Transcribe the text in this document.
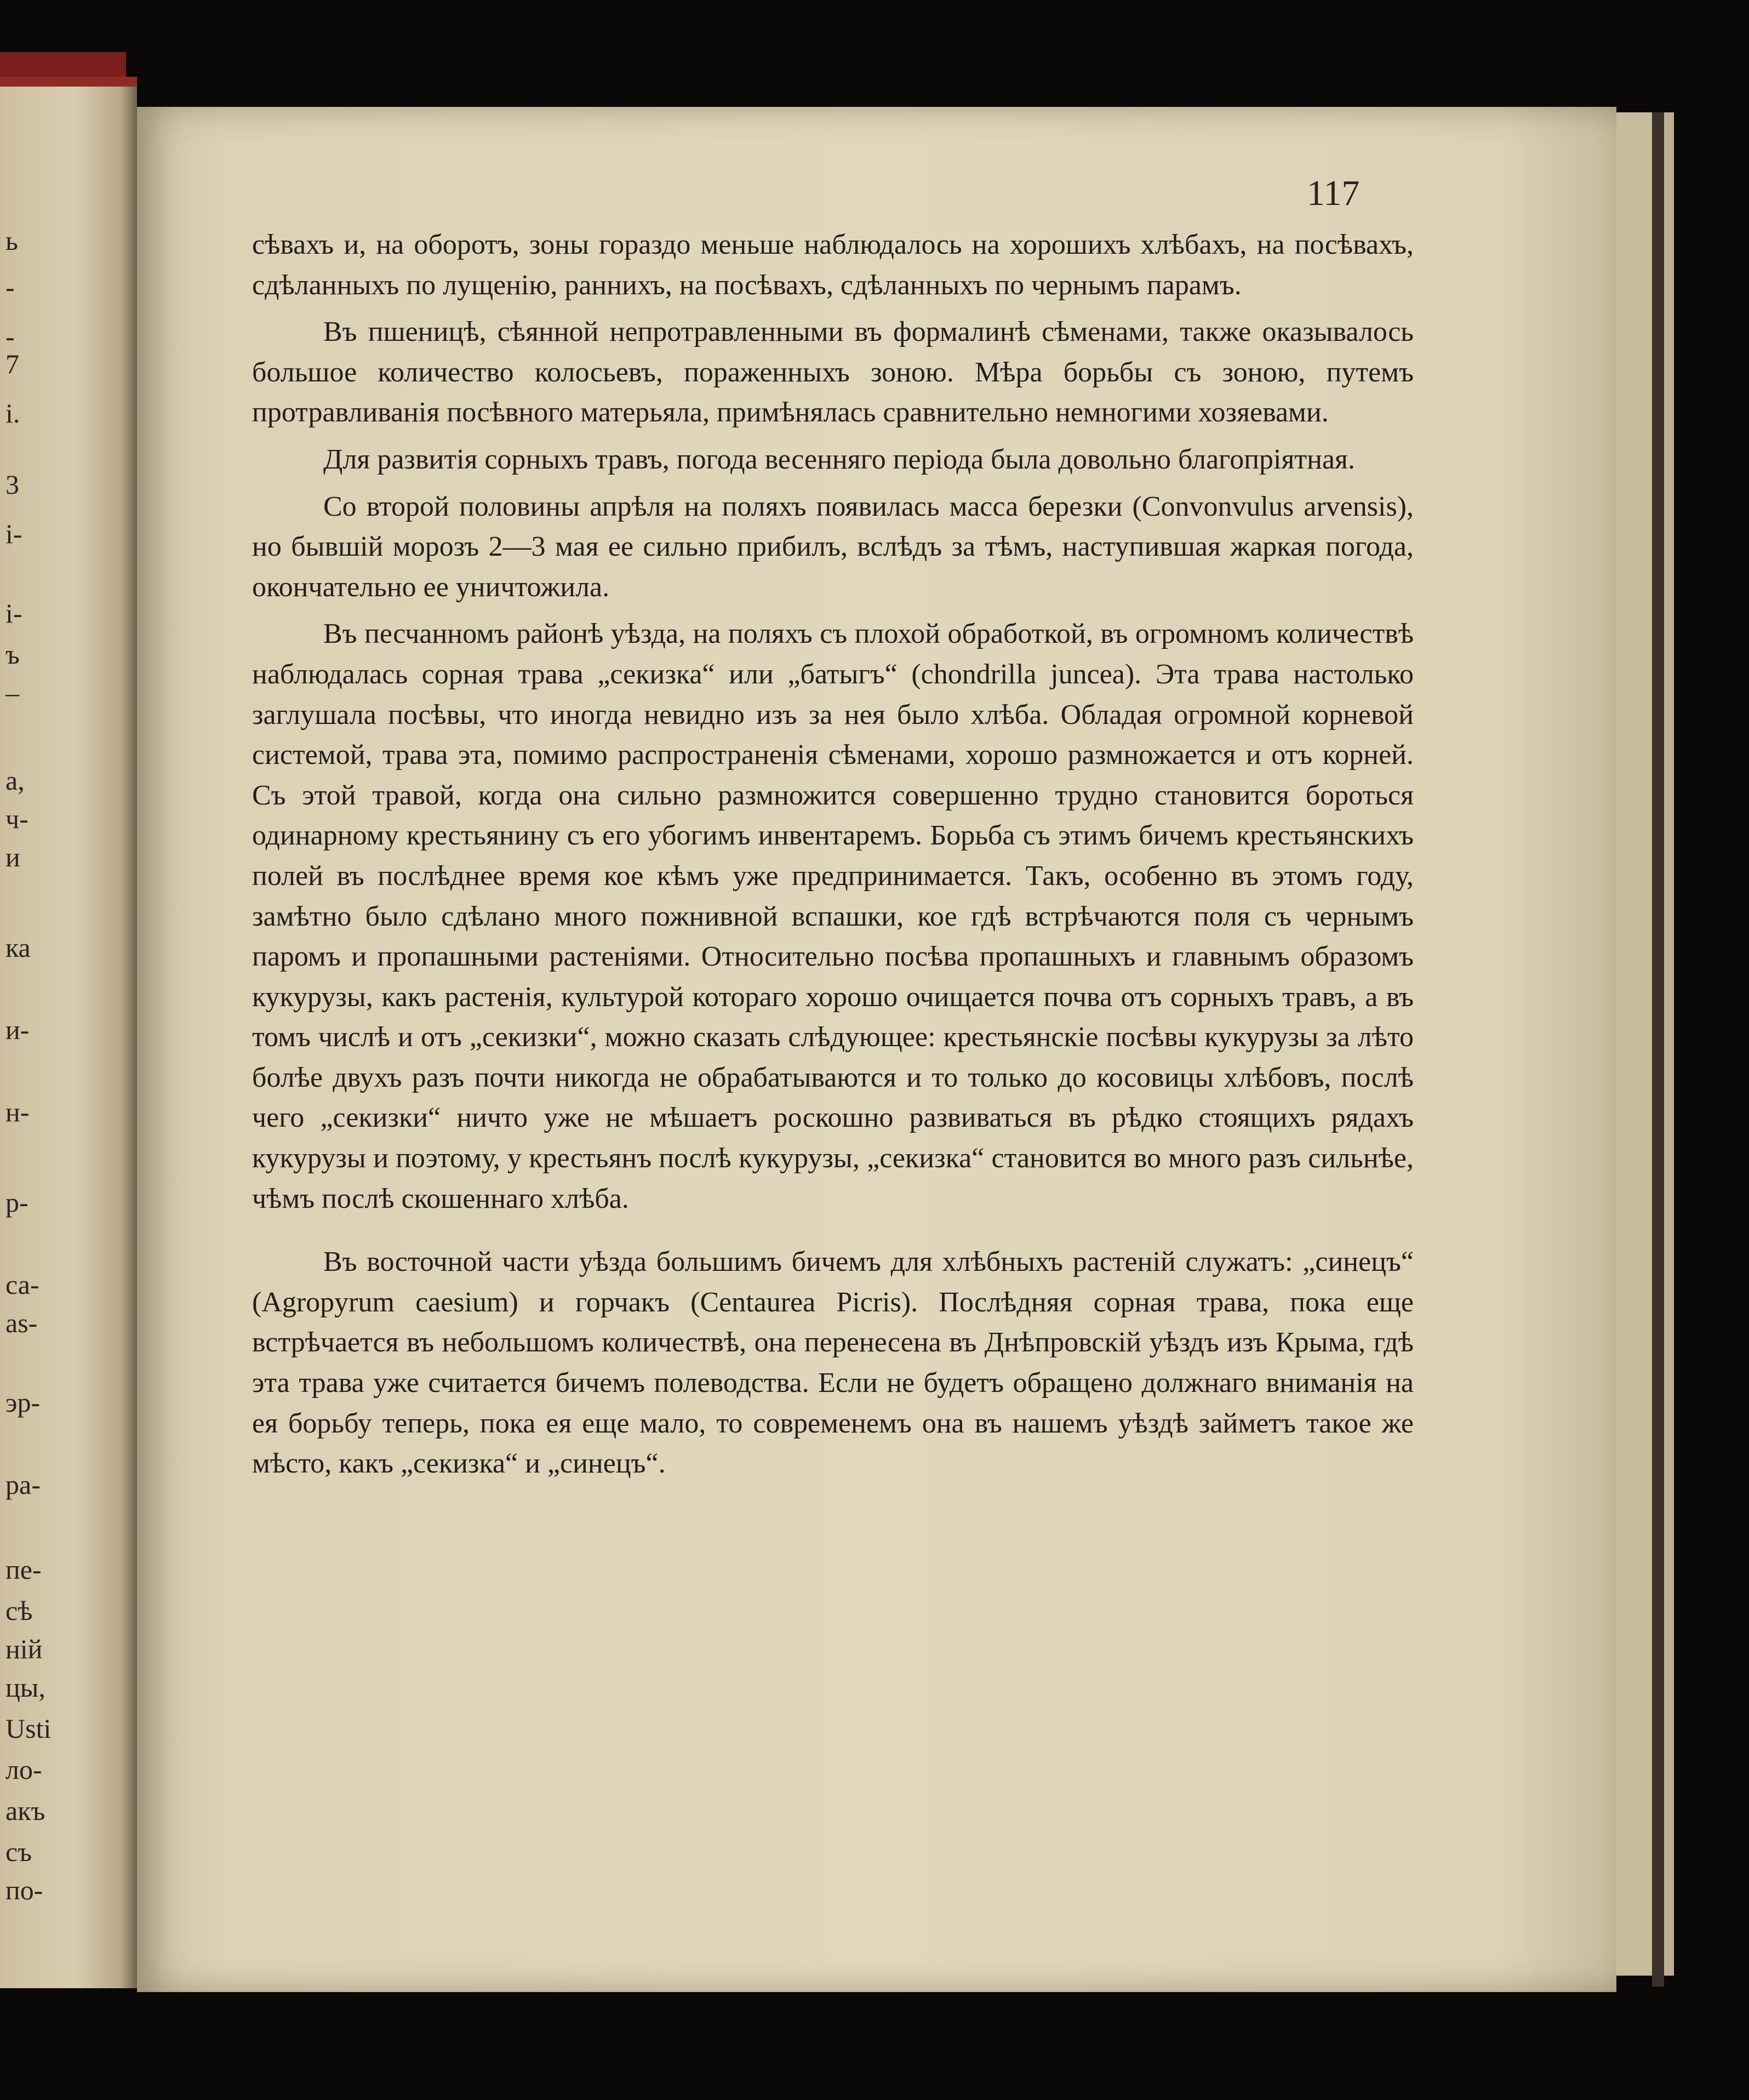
ь
-
-
7
і.
3
і-
і-
ъ
–
а,
ч-
и
ка
и-
н-
р-
са-
as-
эр-
ра-
пе-
сѣ
ній
цы,
Usti
ло-
акъ
съ
по-
117

сѣвахъ и, на оборотъ, зоны гораздо меньше наблюдалось на хорошихъ хлѣбахъ, на посѣвахъ, сдѣланныхъ по лущенію, раннихъ, на посѣвахъ, сдѣланныхъ по чернымъ парамъ.

Въ пшеницѣ, сѣянной непротравленными въ формалинѣ сѣменами, также оказывалось большое количество колосьевъ, пораженныхъ зоною. Мѣра борьбы съ зоною, путемъ протравливанія посѣвного матерьяла, примѣнялась сравнительно немногими хозяевами.

Для развитія сорныхъ травъ, погода весенняго періода была довольно благопріятная.

Со второй половины апрѣля на поляхъ появилась масса березки (Convonvulus arvensis), но бывшій морозъ 2—3 мая ее сильно прибилъ, вслѣдъ за тѣмъ, наступившая жаркая погода, окончательно ее уничтожила.

Въ песчанномъ районѣ уѣзда, на поляхъ съ плохой обработкой, въ огромномъ количествѣ наблюдалась сорная трава „секизка“ или „батыгъ“ (chondrilla juncea). Эта трава настолько заглушала посѣвы, что иногда невидно изъ за нея было хлѣба. Обладая огромной корневой системой, трава эта, помимо распространенія сѣменами, хорошо размножается и отъ корней. Съ этой травой, когда она сильно размножится совершенно трудно становится бороться одинарному крестьянину съ его убогимъ инвентаремъ. Борьба съ этимъ бичемъ крестьянскихъ полей въ послѣднее время кое кѣмъ уже предпринимается. Такъ, особенно въ этомъ году, замѣтно было сдѣлано много пожнивной вспашки, кое гдѣ встрѣчаются поля съ чернымъ паромъ и пропашными растеніями. Относительно посѣва пропашныхъ и главнымъ образомъ кукурузы, какъ растенія, культурой котораго хорошо очищается почва отъ сорныхъ травъ, а въ томъ числѣ и отъ „секизки“, можно сказать слѣдующее: крестьянскіе посѣвы кукурузы за лѣто болѣе двухъ разъ почти никогда не обрабатываются и то только до косовицы хлѣбовъ, послѣ чего „секизки“ ничто уже не мѣшаетъ роскошно развиваться въ рѣдко стоящихъ рядахъ кукурузы и поэтому, у крестьянъ послѣ кукурузы, „секизка“ становится во много разъ сильнѣе, чѣмъ послѣ скошеннаго хлѣба.

Въ восточной части уѣзда большимъ бичемъ для хлѣбныхъ растеній служатъ: „синецъ“ (Agropyrum caesium) и горчакъ (Centaurea Picris). Послѣдняя сорная трава, пока еще встрѣчается въ небольшомъ количествѣ, она перенесена въ Днѣпровскій уѣздъ изъ Крыма, гдѣ эта трава уже считается бичемъ полеводства. Если не будетъ обращено должнаго вниманія на ея борьбу теперь, пока ея еще мало, то современемъ она въ нашемъ уѣздѣ займетъ такое же мѣсто, какъ „секизка“ и „синецъ“.
